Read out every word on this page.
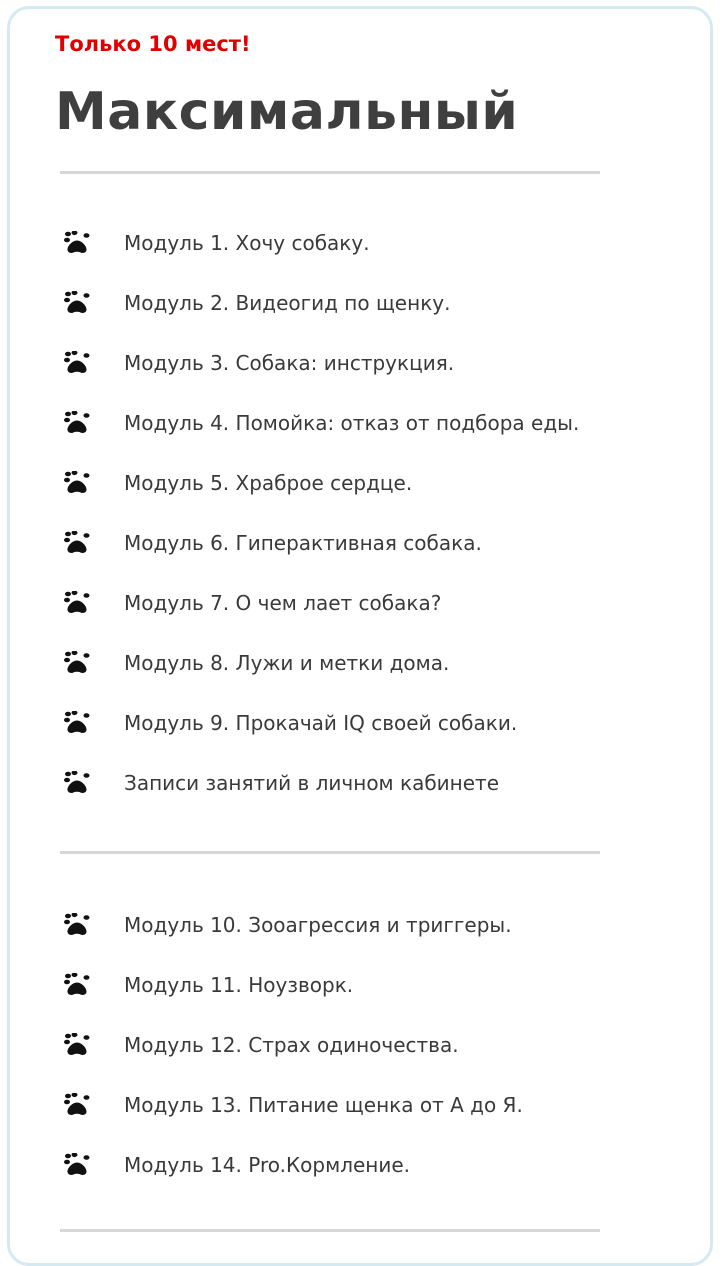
Только 10 мест!

Максимальный
Модуль 1. Хочу собаку.
Модуль 2. Видеогид по щенку.
Модуль 3. Собака: инструкция.
Модуль 4. Помойка: отказ от подбора еды.
Модуль 5. Храброе сердце.
Модуль 6. Гиперактивная собака.
Модуль 7. О чем лает собака?
Модуль 8. Лужи и метки дома.
Модуль 9. Прокачай IQ своей собаки.
Записи занятий в личном кабинете
Модуль 10. Зооагрессия и триггеры.
Модуль 11. Ноузворк.
Модуль 12. Страх одиночества.
Модуль 13. Питание щенка от А до Я.
Модуль 14. Pro.Кормление.
